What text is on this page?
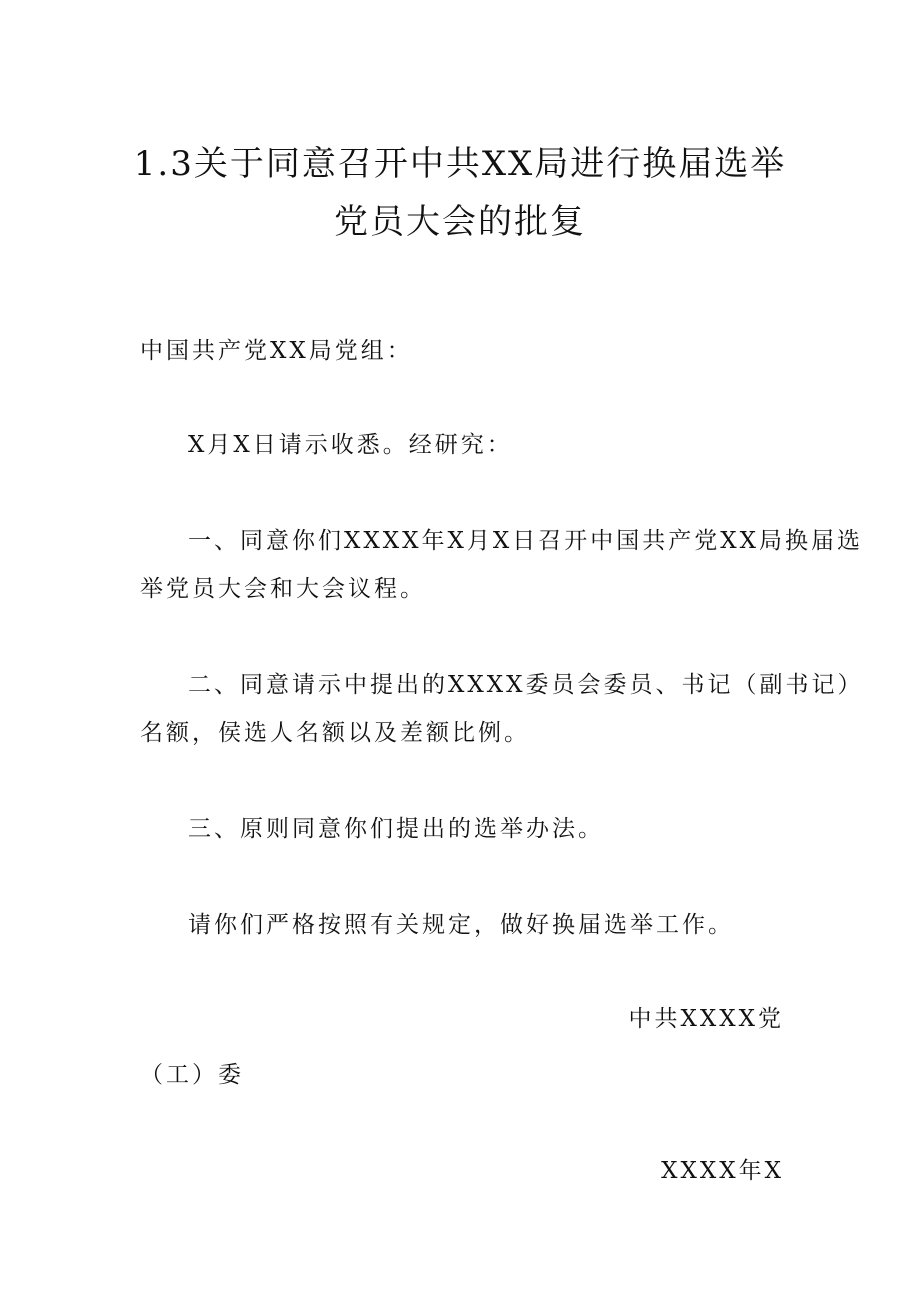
1.3关于同意召开中共XX局进行换届选举
党员大会的批复
中国共产党XX局党组：
X月X日请示收悉。经研究：
一、同意你们XXXX年X月X日召开中国共产党XX局换届选
举党员大会和大会议程。
二、同意请示中提出的XXXX委员会委员、书记（副书记）
名额，侯选人名额以及差额比例。
三、原则同意你们提出的选举办法。
请你们严格按照有关规定，做好换届选举工作。
中共XXXX党
（工）委
XXXX年X
